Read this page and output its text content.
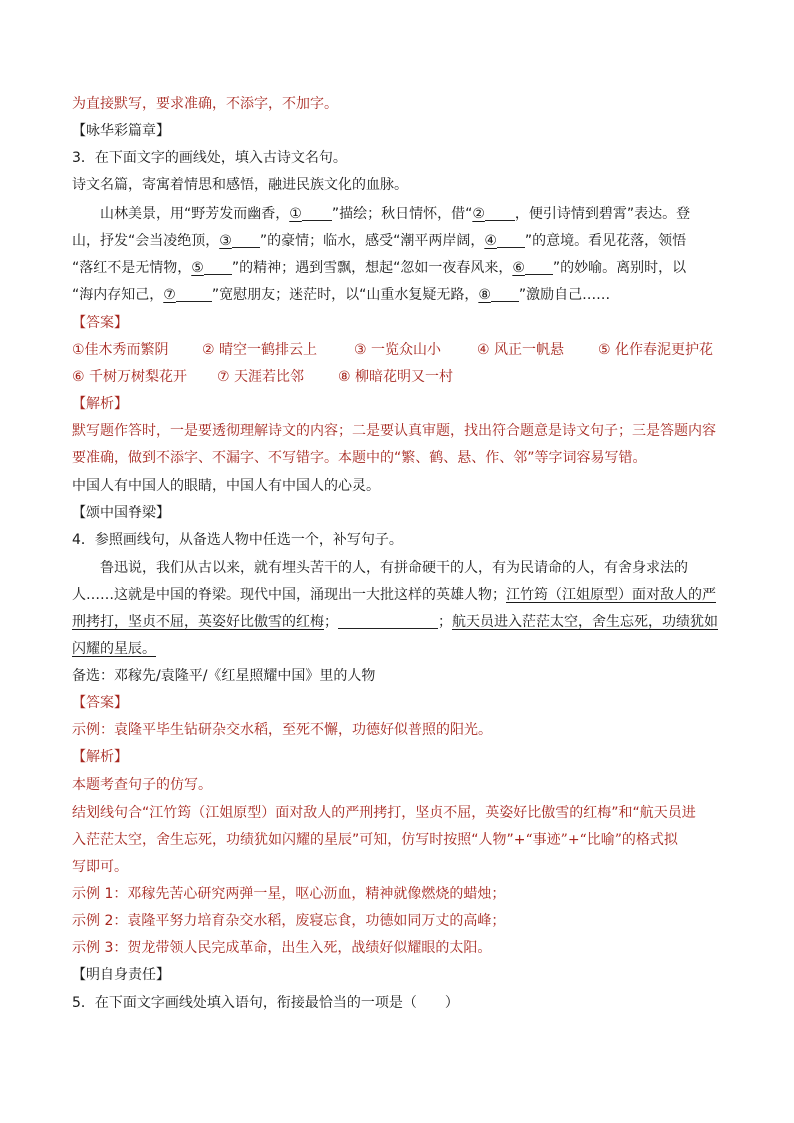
为直接默写，要求准确，不添字，不加字。
【咏华彩篇章】
3．在下面文字的画线处，填入古诗文名句。
诗文名篇，寄寓着情思和感悟，融进民族文化的血脉。
山林美景，用“野芳发而幽香，① ”描绘；秋日情怀，借“② ，便引诗情到碧霄”表达。登
山，抒发“会当凌绝顶，③ ”的豪情；临水，感受“潮平两岸阔，④ ”的意境。看见花落，领悟
“落红不是无情物，⑤ ”的精神；遇到雪飘，想起“忽如一夜春风来，⑥ ”的妙喻。离别时，以
“海内存知己，⑦	”宽慰朋友；迷茫时，以“山重水复疑无路，⑧ ”激励自己……
【答案】
①佳木秀而繁阴 ② 晴空一鹤排云上	③ 一览众山小	④ 风正一帆悬 ⑤ 化作春泥更护花
⑥ 千树万树梨花开 ⑦ 天涯若比邻 ⑧ 柳暗花明又一村
【解析】
默写题作答时，一是要透彻理解诗文的内容；二是要认真审题，找出符合题意是诗文句子；三是答题内容
要准确，做到不添字、不漏字、不写错字。本题中的“繁、鹤、悬、作、邻”等字词容易写错。
中国人有中国人的眼睛，中国人有中国人的心灵。
【颂中国脊梁】
4．参照画线句，从备选人物中任选一个，补写句子。
鲁迅说，我们从古以来，就有埋头苦干的人，有拼命硬干的人，有为民请命的人，有舍身求法的
人……这就是中国的脊梁。现代中国，涌现出一大批这样的英雄人物；江竹筠（江姐原型）面对敌人的严
刑拷打，坚贞不屈，英姿好比傲雪的红梅；	；航天员进入茫茫太空，舍生忘死，功绩犹如
闪耀的星辰。
备选：邓稼先/袁隆平/《红星照耀中国》里的人物
【答案】
示例：袁隆平毕生钻研杂交水稻，至死不懈，功德好似普照的阳光。
【解析】
本题考查句子的仿写。
结划线句合“江竹筠（江姐原型）面对敌人的严刑拷打，坚贞不屈，英姿好比傲雪的红梅”和“航天员进
入茫茫太空，舍生忘死，功绩犹如闪耀的星辰”可知，仿写时按照“人物”+“事迹”+“比喻”的格式拟
写即可。
示例 1：邓稼先苦心研究两弹一星，呕心沥血，精神就像燃烧的蜡烛；
示例 2：袁隆平努力培育杂交水稻，废寝忘食，功德如同万丈的高峰；
示例 3：贺龙带领人民完成革命，出生入死，战绩好似耀眼的太阳。
【明自身责任】
5．在下面文字画线处填入语句，衔接最恰当的一项是（　　）
